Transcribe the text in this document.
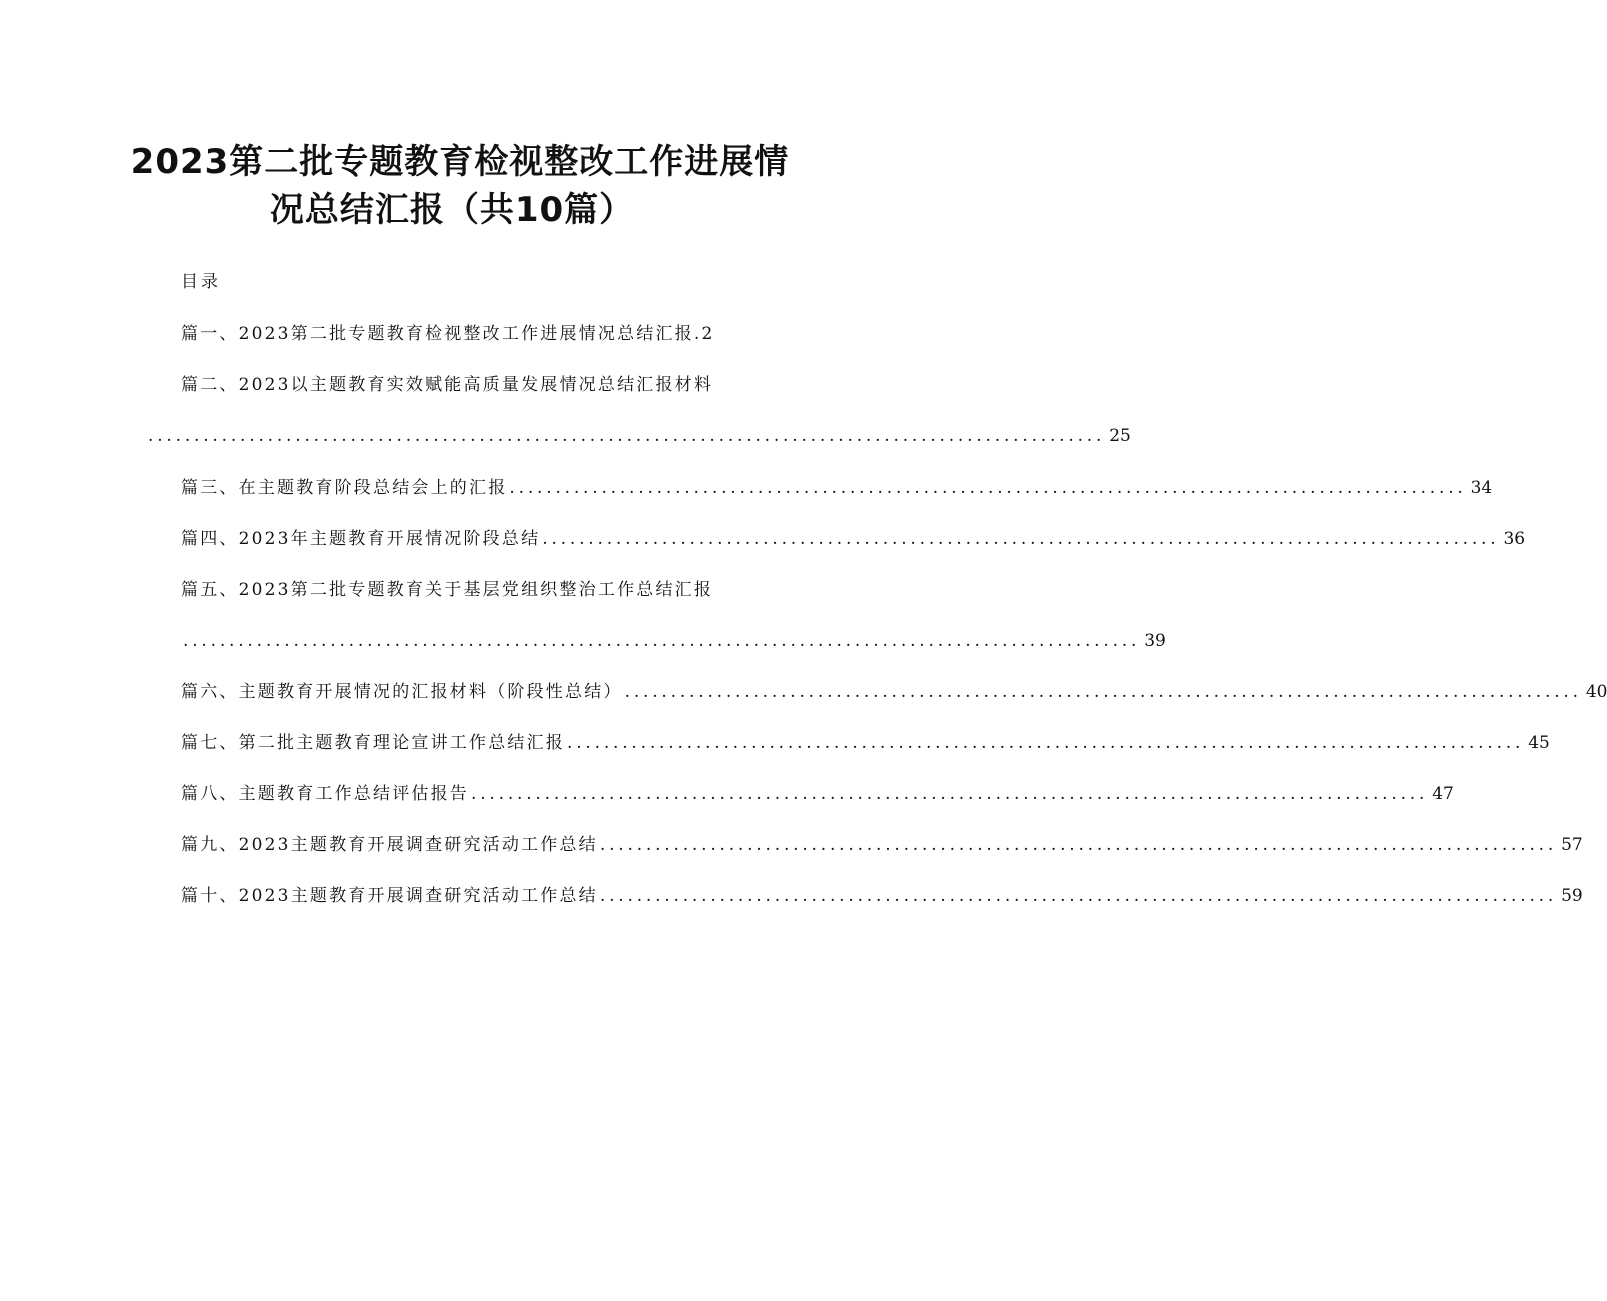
2023第二批专题教育检视整改工作进展情
况总结汇报（共10篇）
目录
篇一、2023第二批专题教育检视整改工作进展情况总结汇报.2
篇二、2023以主题教育实效赋能高质量发展情况总结汇报材料
........................................................................................................ 25
篇三、在主题教育阶段总结会上的汇报 ........................................................................................................ 34
篇四、2023年主题教育开展情况阶段总结 ........................................................................................................ 36
篇五、2023第二批专题教育关于基层党组织整治工作总结汇报
........................................................................................................ 39
篇六、主题教育开展情况的汇报材料（阶段性总结） ........................................................................................................ 40
篇七、第二批主题教育理论宣讲工作总结汇报 ........................................................................................................ 45
篇八、主题教育工作总结评估报告 ........................................................................................................ 47
篇九、2023主题教育开展调查研究活动工作总结 ........................................................................................................ 57
篇十、2023主题教育开展调查研究活动工作总结 ........................................................................................................ 59
